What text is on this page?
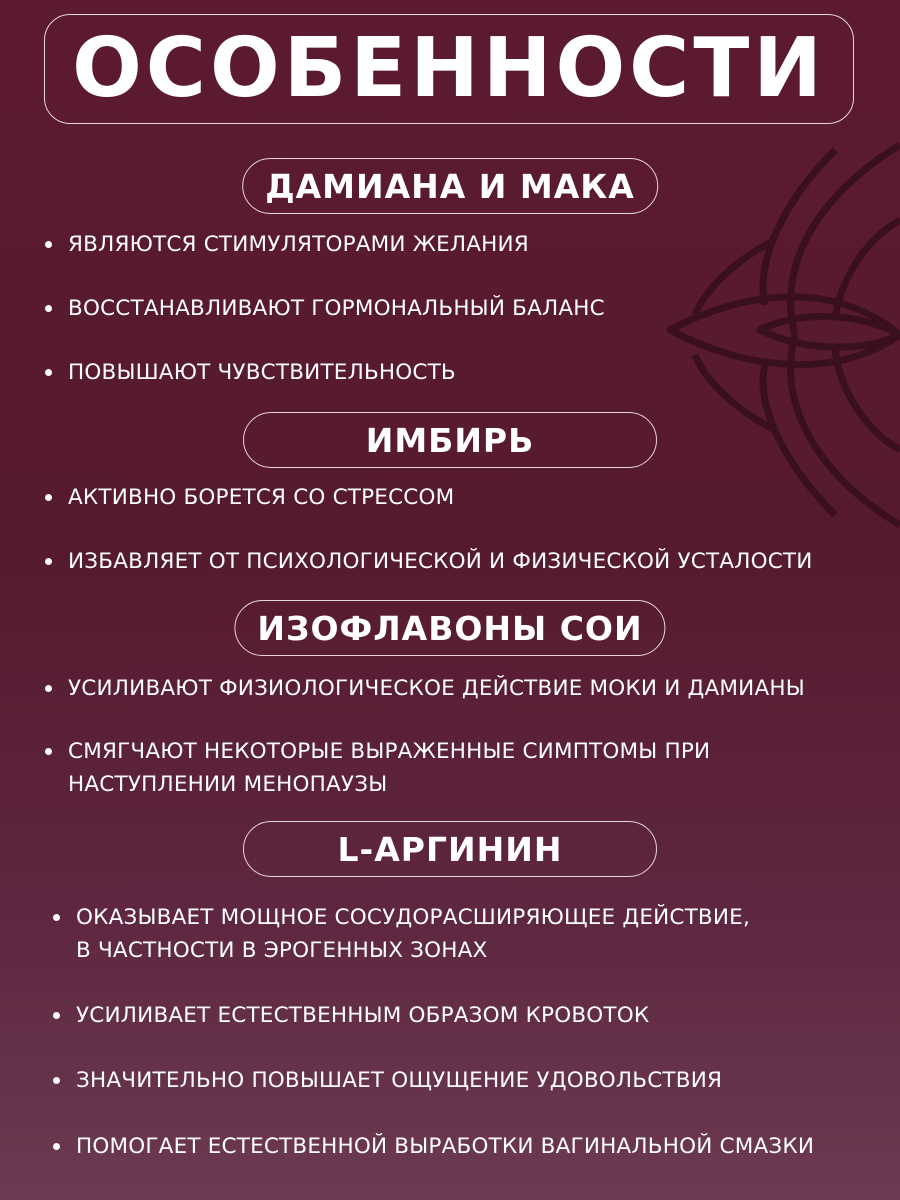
ОСОБЕННОСТИ
ДАМИАНА И МАКА
ЯВЛЯЮТСЯ СТИМУЛЯТОРАМИ ЖЕЛАНИЯ
ВОССТАНАВЛИВАЮТ ГОРМОНАЛЬНЫЙ БАЛАНС
ПОВЫШАЮТ ЧУВСТВИТЕЛЬНОСТЬ
ИМБИРЬ
АКТИВНО БОРЕТСЯ СО СТРЕССОМ
ИЗБАВЛЯЕТ ОТ ПСИХОЛОГИЧЕСКОЙ И ФИЗИЧЕСКОЙ УСТАЛОСТИ
ИЗОФЛАВОНЫ СОИ
УСИЛИВАЮТ ФИЗИОЛОГИЧЕСКОЕ ДЕЙСТВИЕ МОКИ И ДАМИАНЫ
СМЯГЧАЮТ НЕКОТОРЫЕ ВЫРАЖЕННЫЕ СИМПТОМЫ ПРИ
НАСТУПЛЕНИИ МЕНОПАУЗЫ
L-АРГИНИН
ОКАЗЫВАЕТ МОЩНОЕ СОСУДОРАСШИРЯЮЩЕЕ ДЕЙСТВИЕ,
В ЧАСТНОСТИ В ЭРОГЕННЫХ ЗОНАХ
УСИЛИВАЕТ ЕСТЕСТВЕННЫМ ОБРАЗОМ КРОВОТОК
ЗНАЧИТЕЛЬНО ПОВЫШАЕТ ОЩУЩЕНИЕ УДОВОЛЬСТВИЯ
ПОМОГАЕТ ЕСТЕСТВЕННОЙ ВЫРАБОТКИ ВАГИНАЛЬНОЙ СМАЗКИ
